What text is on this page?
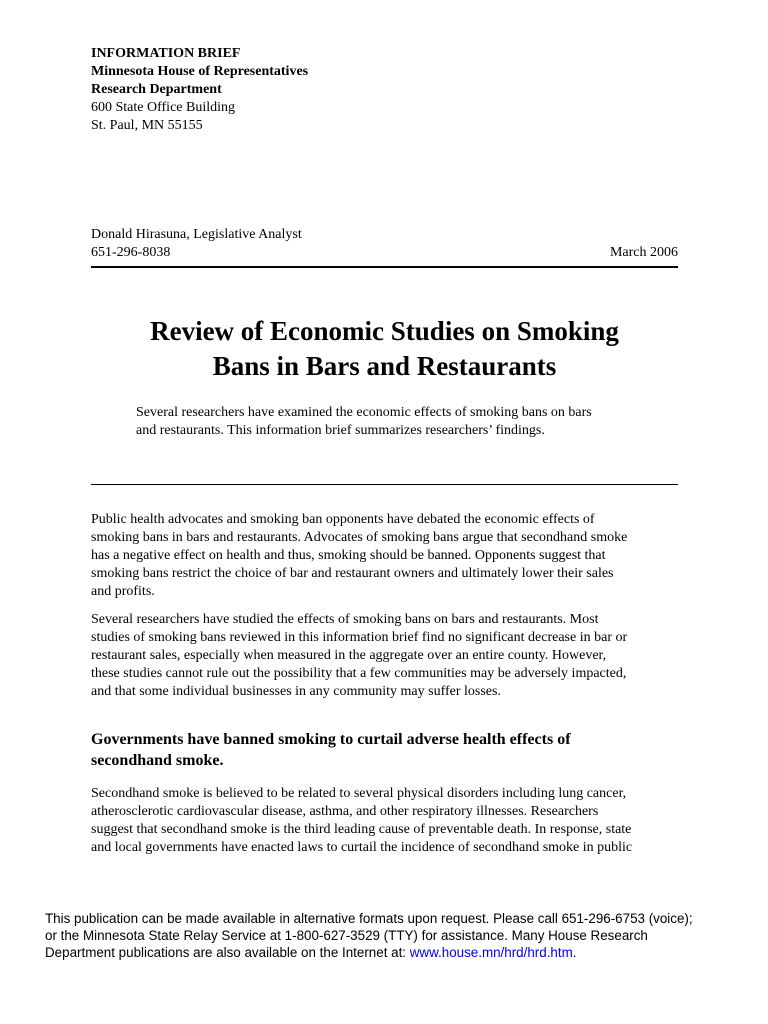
INFORMATION BRIEF
Minnesota House of Representatives
Research Department
600 State Office Building
St. Paul, MN 55155
Donald Hirasuna, Legislative Analyst
651-296-8038	March 2006
Review of Economic Studies on Smoking
Bans in Bars and Restaurants
Several researchers have examined the economic effects of smoking bans on bars
and restaurants. This information brief summarizes researchers’ findings.

Public health advocates and smoking ban opponents have debated the economic effects of
smoking bans in bars and restaurants. Advocates of smoking bans argue that secondhand smoke
has a negative effect on health and thus, smoking should be banned. Opponents suggest that
smoking bans restrict the choice of bar and restaurant owners and ultimately lower their sales
and profits.

Several researchers have studied the effects of smoking bans on bars and restaurants. Most
studies of smoking bans reviewed in this information brief find no significant decrease in bar or
restaurant sales, especially when measured in the aggregate over an entire county. However,
these studies cannot rule out the possibility that a few communities may be adversely impacted,
and that some individual businesses in any community may suffer losses.

Governments have banned smoking to curtail adverse health effects of
secondhand smoke.

Secondhand smoke is believed to be related to several physical disorders including lung cancer,
atherosclerotic cardiovascular disease, asthma, and other respiratory illnesses. Researchers
suggest that secondhand smoke is the third leading cause of preventable death. In response, state
and local governments have enacted laws to curtail the incidence of secondhand smoke in public

This publication can be made available in alternative formats upon request. Please call 651-296-6753 (voice);
or the Minnesota State Relay Service at 1-800-627-3529 (TTY) for assistance. Many House Research
Department publications are also available on the Internet at: www.house.mn/hrd/hrd.htm.
